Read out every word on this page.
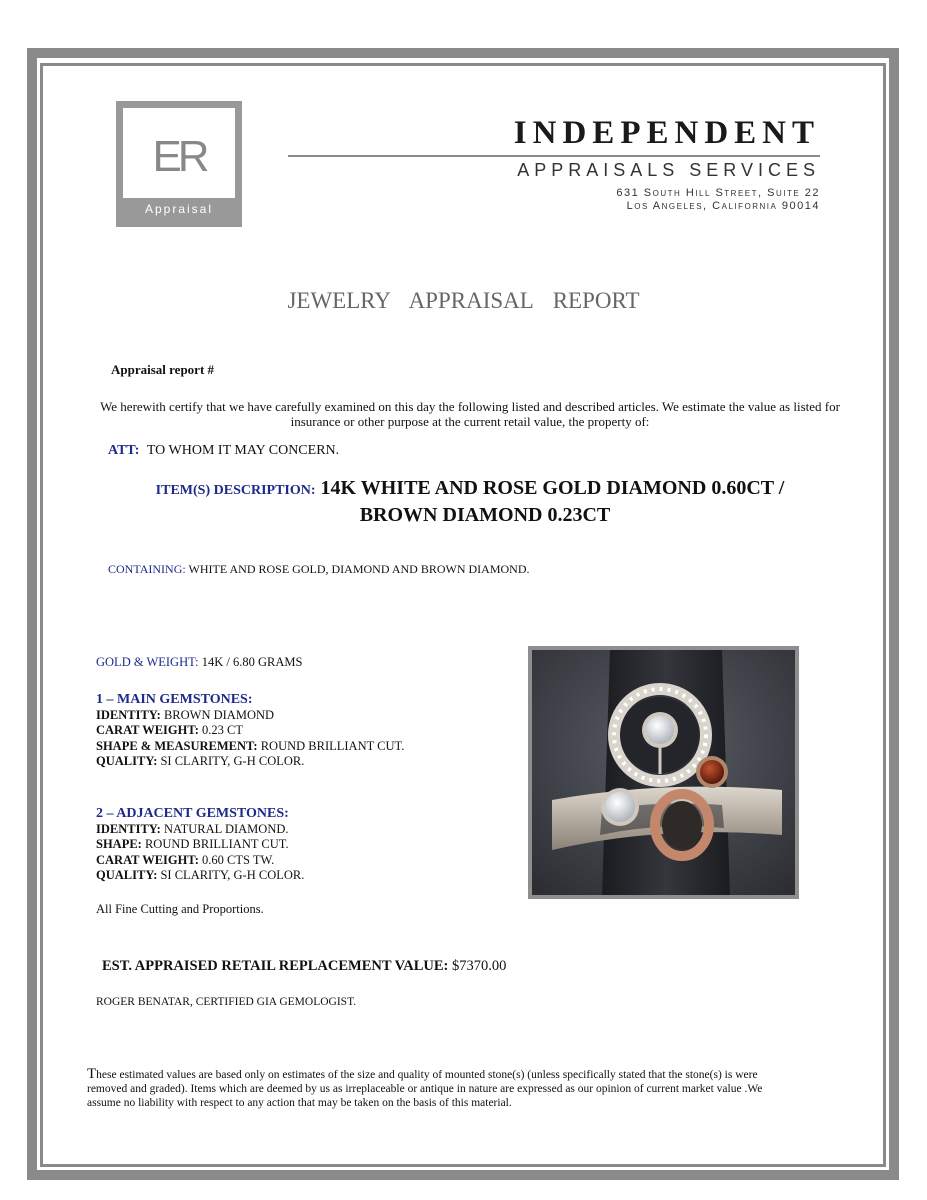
ER
Appraisal
INDEPENDENT
APPRAISALS SERVICES
631 South Hill Street, Suite 22
Los Angeles, California 90014
JEWELRY APPRAISAL REPORT
Appraisal report #
We herewith certify that we have carefully examined on this day the following listed and described articles. We estimate the value as listed for insurance or other purpose at the current retail value, the property of:
ATT: TO WHOM IT MAY CONCERN.
ITEM(S) DESCRIPTION: 14K WHITE AND ROSE GOLD DIAMOND 0.60CT /
BROWN DIAMOND 0.23CT
CONTAINING: WHITE AND ROSE GOLD, DIAMOND AND BROWN DIAMOND.
GOLD & WEIGHT: 14K / 6.80 GRAMS
1 – MAIN GEMSTONES:
IDENTITY: BROWN DIAMOND
CARAT WEIGHT: 0.23 CT
SHAPE & MEASUREMENT: ROUND BRILLIANT CUT.
QUALITY: SI CLARITY, G-H COLOR.
2 – ADJACENT GEMSTONES:
IDENTITY: NATURAL DIAMOND.
SHAPE: ROUND BRILLIANT CUT.
CARAT WEIGHT: 0.60 CTS TW.
QUALITY: SI CLARITY, G-H COLOR.
All Fine Cutting and Proportions.
EST. APPRAISED RETAIL REPLACEMENT VALUE: $7370.00
ROGER BENATAR, CERTIFIED GIA GEMOLOGIST.
These estimated values are based only on estimates of the size and quality of mounted stone(s) (unless specifically stated that the stone(s) is were removed and graded). Items which are deemed by us as irreplaceable or antique in nature are expressed as our opinion of current market value .We assume no liability with respect to any action that may be taken on the basis of this material.
